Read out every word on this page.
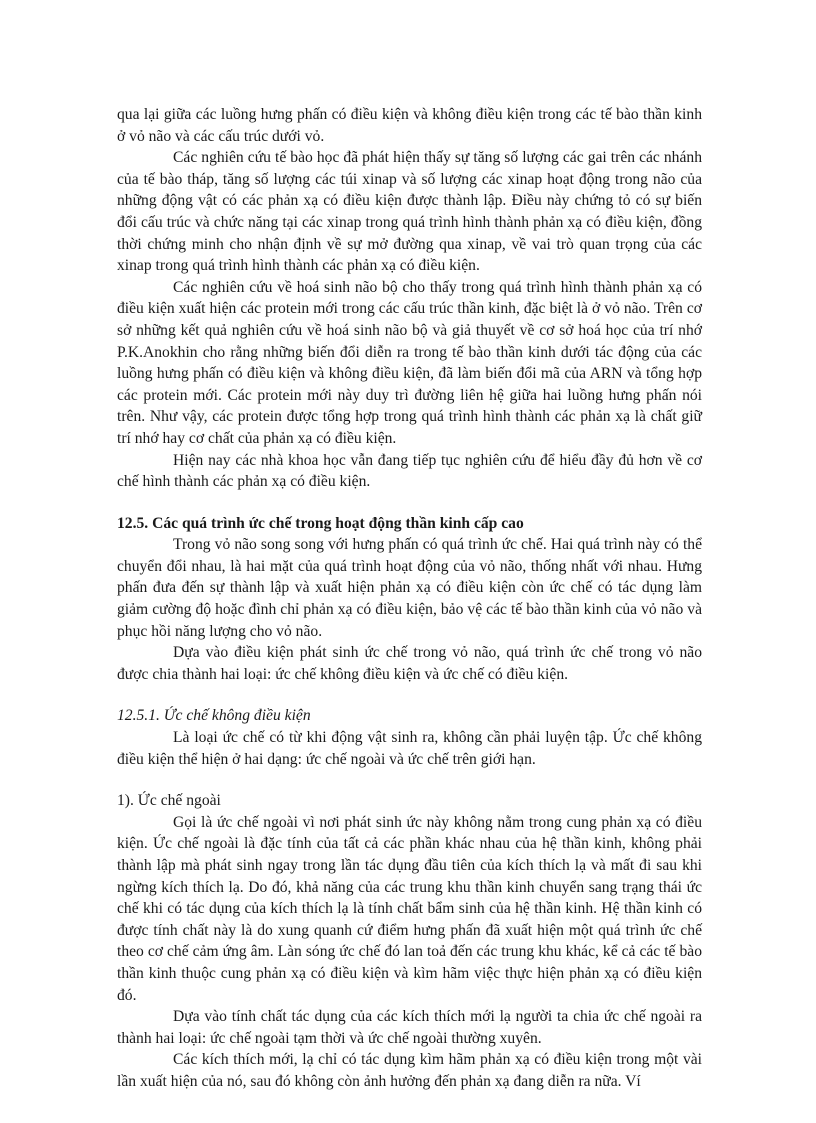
qua lại giữa các luồng hưng phấn có điều kiện và không điều kiện trong các tế bào thần kinh ở vỏ não và các cấu trúc dưới vỏ.

Các nghiên cứu tế bào học đã phát hiện thấy sự tăng số lượng các gai trên các nhánh của tế bào tháp, tăng số lượng các túi xinap và số lượng các xinap hoạt động trong não của những động vật có các phản xạ có điều kiện được thành lập. Điều này chứng tỏ có sự biến đổi cấu trúc và chức năng tại các xinap trong quá trình hình thành phản xạ có điều kiện, đồng thời chứng minh cho nhận định về sự mở đường qua xinap, về vai trò quan trọng của các xinap trong quá trình hình thành các phản xạ có điều kiện.

Các nghiên cứu về hoá sinh não bộ cho thấy trong quá trình hình thành phản xạ có điều kiện xuất hiện các protein mới trong các cấu trúc thần kinh, đặc biệt là ở vỏ não. Trên cơ sở những kết quả nghiên cứu về hoá sinh não bộ và giả thuyết về cơ sở hoá học của trí nhớ P.K.Anokhin cho rằng những biến đổi diễn ra trong tế bào thần kinh dưới tác động của các luồng hưng phấn có điều kiện và không điều kiện, đã làm biến đổi mã của ARN và tổng hợp các protein mới. Các protein mới này duy trì đường liên hệ giữa hai luồng hưng phấn nói trên. Như vậy, các protein được tổng hợp trong quá trình hình thành các phản xạ là chất giữ trí nhớ hay cơ chất của phản xạ có điều kiện.

Hiện nay các nhà khoa học vẫn đang tiếp tục nghiên cứu để hiểu đầy đủ hơn về cơ chế hình thành các phản xạ có điều kiện.

12.5. Các quá trình ức chế trong hoạt động thần kinh cấp cao

Trong vỏ não song song với hưng phấn có quá trình ức chế. Hai quá trình này có thể chuyển đổi nhau, là hai mặt của quá trình hoạt động của vỏ não, thống nhất với nhau. Hưng phấn đưa đến sự thành lập và xuất hiện phản xạ có điều kiện còn ức chế có tác dụng làm giảm cường độ hoặc đình chỉ phản xạ có điều kiện, bảo vệ các tế bào thần kinh của vỏ não và phục hồi năng lượng cho vỏ não.

Dựa vào điều kiện phát sinh ức chế trong vỏ não, quá trình ức chế trong vỏ não được chia thành hai loại: ức chế không điều kiện và ức chế có điều kiện.

12.5.1. Ức chế không điều kiện

Là loại ức chế có từ khi động vật sinh ra, không cần phải luyện tập. Ức chế không điều kiện thể hiện ở hai dạng: ức chế ngoài và ức chế trên giới hạn.

1). Ức chế ngoài

Gọi là ức chế ngoài vì nơi phát sinh ức này không nằm trong cung phản xạ có điều kiện. Ức chế ngoài là đặc tính của tất cả các phần khác nhau của hệ thần kinh, không phải thành lập mà phát sinh ngay trong lần tác dụng đầu tiên của kích thích lạ và mất đi sau khi ngừng kích thích lạ. Do đó, khả năng của các trung khu thần kinh chuyển sang trạng thái ức chế khi có tác dụng của kích thích lạ là tính chất bẩm sinh của hệ thần kinh. Hệ thần kinh có được tính chất này là do xung quanh cứ điểm hưng phấn đã xuất hiện một quá trình ức chế theo cơ chế cảm ứng âm. Làn sóng ức chế đó lan toả đến các trung khu khác, kể cả các tế bào thần kinh thuộc cung phản xạ có điều kiện và kìm hãm việc thực hiện phản xạ có điều kiện đó.

Dựa vào tính chất tác dụng của các kích thích mới lạ người ta chia ức chế ngoài ra thành hai loại: ức chế ngoài tạm thời và ức chế ngoài thường xuyên.

Các kích thích mới, lạ chỉ có tác dụng kìm hãm phản xạ có điều kiện trong một vài lần xuất hiện của nó, sau đó không còn ảnh hưởng đến phản xạ đang diễn ra nữa. Ví
